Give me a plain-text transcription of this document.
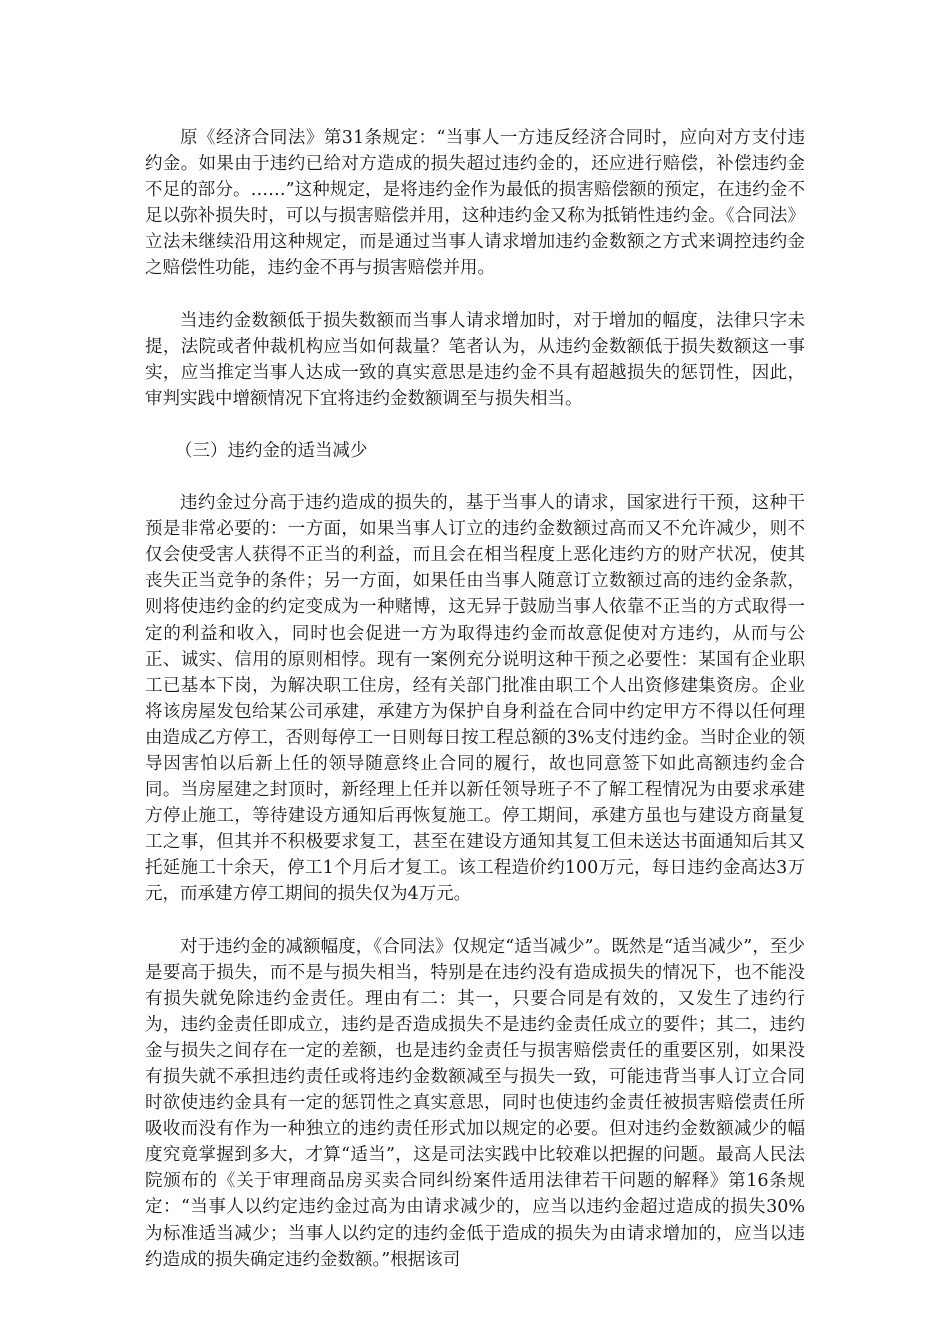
原《经济合同法》第31条规定：“当事人一方违反经济合同时，应向对方支付违约金。如果由于违约已给对方造成的损失超过违约金的，还应进行赔偿，补偿违约金不足的部分。……”这种规定，是将违约金作为最低的损害赔偿额的预定，在违约金不足以弥补损失时，可以与损害赔偿并用，这种违约金又称为抵销性违约金。《合同法》立法未继续沿用这种规定，而是通过当事人请求增加违约金数额之方式来调控违约金之赔偿性功能，违约金不再与损害赔偿并用。

当违约金数额低于损失数额而当事人请求增加时，对于增加的幅度，法律只字未提，法院或者仲裁机构应当如何裁量？笔者认为，从违约金数额低于损失数额这一事实，应当推定当事人达成一致的真实意思是违约金不具有超越损失的惩罚性，因此，审判实践中增额情况下宜将违约金数额调至与损失相当。

（三）违约金的适当减少

违约金过分高于违约造成的损失的，基于当事人的请求，国家进行干预，这种干预是非常必要的：一方面，如果当事人订立的违约金数额过高而又不允许减少，则不仅会使受害人获得不正当的利益，而且会在相当程度上恶化违约方的财产状况，使其丧失正当竞争的条件；另一方面，如果任由当事人随意订立数额过高的违约金条款，则将使违约金的约定变成为一种赌博，这无异于鼓励当事人依靠不正当的方式取得一定的利益和收入，同时也会促进一方为取得违约金而故意促使对方违约，从而与公正、诚实、信用的原则相悖。现有一案例充分说明这种干预之必要性：某国有企业职工已基本下岗，为解决职工住房，经有关部门批准由职工个人出资修建集资房。企业将该房屋发包给某公司承建，承建方为保护自身利益在合同中约定甲方不得以任何理由造成乙方停工，否则每停工一日则每日按工程总额的3%支付违约金。当时企业的领导因害怕以后新上任的领导随意终止合同的履行，故也同意签下如此高额违约金合同。当房屋建之封顶时，新经理上任并以新任领导班子不了解工程情况为由要求承建方停止施工，等待建设方通知后再恢复施工。停工期间，承建方虽也与建设方商量复工之事，但其并不积极要求复工，甚至在建设方通知其复工但未送达书面通知后其又托延施工十余天，停工1个月后才复工。该工程造价约100万元，每日违约金高达3万元，而承建方停工期间的损失仅为4万元。

对于违约金的减额幅度，《合同法》仅规定“适当减少”。既然是“适当减少”，至少是要高于损失，而不是与损失相当，特别是在违约没有造成损失的情况下，也不能没有损失就免除违约金责任。理由有二：其一，只要合同是有效的，又发生了违约行为，违约金责任即成立，违约是否造成损失不是违约金责任成立的要件；其二，违约金与损失之间存在一定的差额，也是违约金责任与损害赔偿责任的重要区别，如果没有损失就不承担违约责任或将违约金数额减至与损失一致，可能违背当事人订立合同时欲使违约金具有一定的惩罚性之真实意思，同时也使违约金责任被损害赔偿责任所吸收而没有作为一种独立的违约责任形式加以规定的必要。但对违约金数额减少的幅度究竟掌握到多大，才算“适当”，这是司法实践中比较难以把握的问题。最高人民法院颁布的《关于审理商品房买卖合同纠纷案件适用法律若干问题的解释》第16条规定：“当事人以约定违约金过高为由请求减少的，应当以违约金超过造成的损失30%为标准适当减少；当事人以约定的违约金低于造成的损失为由请求增加的，应当以违约造成的损失确定违约金数额。”根据该司
